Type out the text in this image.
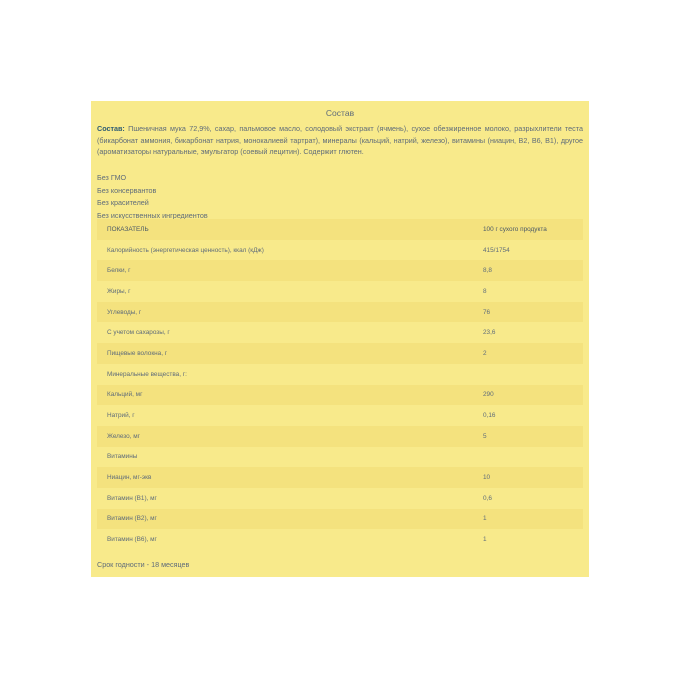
Состав
Состав: Пшеничная мука 72,9%, сахар, пальмовое масло, солодовый экстракт (ячмень), сухое обезжиренное молоко, разрыхлители теста (бикарбонат аммония, бикарбонат натрия, монокалиевй тартрат), минералы (кальций, натрий, железо), витамины (ниацин, В2, В6, В1), другое (ароматизаторы натуральные, эмульгатор (соевый лецитин). Содержит глютен.
Без ГМО
Без консервантов
Без красителей
Без искусственных ингредиентов
ПОКАЗАТЕЛЬ	100 г сухого продукта
Калорийность (энергетическая ценность), ккал (кДж)	415/1754
Белки, г	8,8
Жиры, г	8
Углеводы, г	76
С учетом сахарозы, г	23,6
Пищевые волокна, г	2
Минеральные вещества, г:
Кальций, мг	290
Натрий, г	0,16
Железо, мг	5
Витамины
Ниацин, мг-экв	10
Витамин (В1), мг	0,6
Витамин (В2), мг	1
Витамин (В6), мг	1
Срок годности - 18 месяцев
